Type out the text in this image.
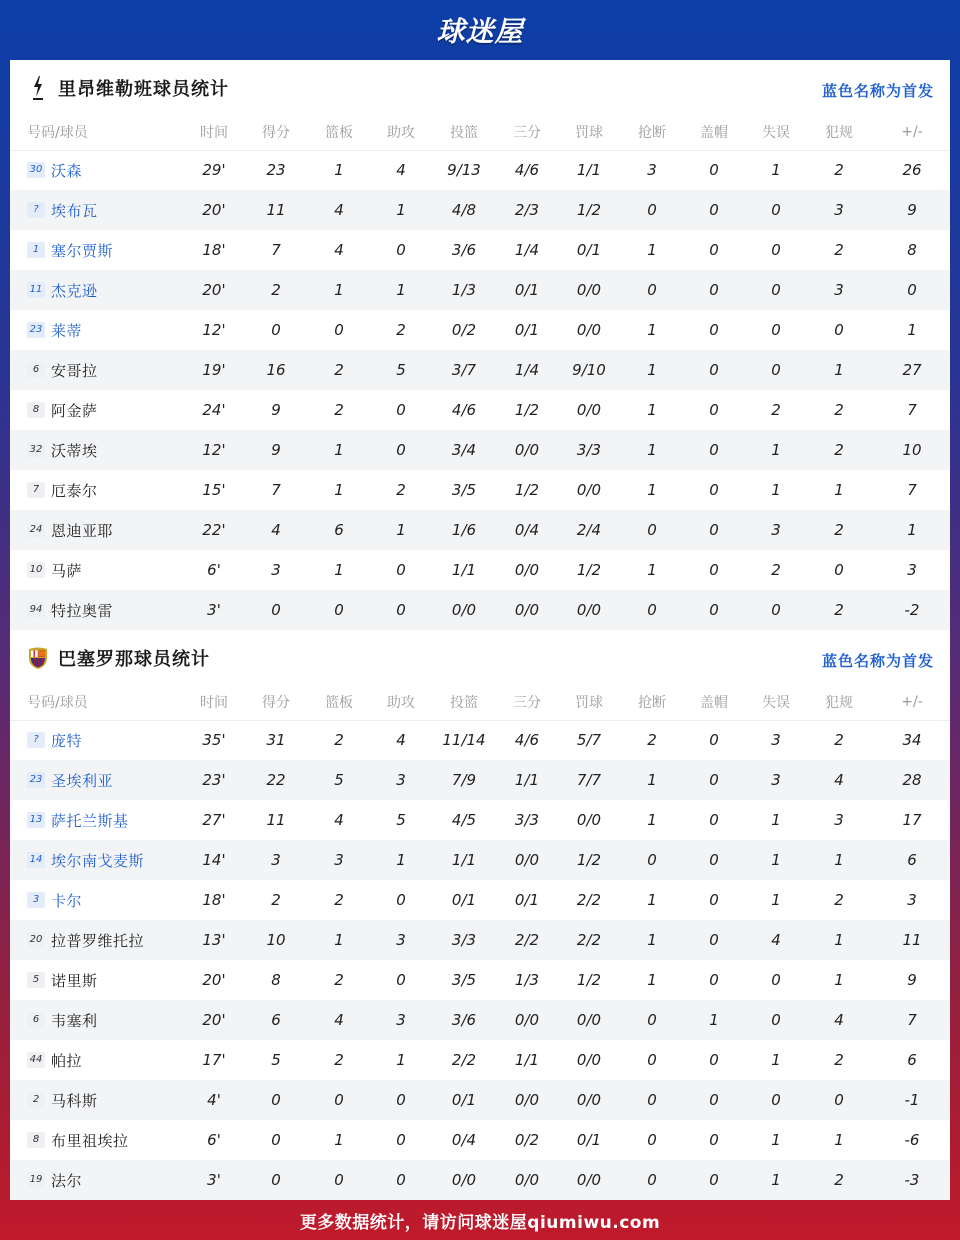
球迷屋
里昂维勒班球员统计	蓝色名称为首发
号码/球员	时间	得分	篮板	助攻	投篮	三分	罚球	抢断	盖帽	失误	犯规	+/-
30 沃森	29'	23	1	4	9/13	4/6	1/1	3	0	1	2	26
? 埃布瓦	20'	11	4	1	4/8	2/3	1/2	0	0	0	3	9
1 塞尔贾斯	18'	7	4	0	3/6	1/4	0/1	1	0	0	2	8
11 杰克逊	20'	2	1	1	1/3	0/1	0/0	0	0	0	3	0
23 莱蒂	12'	0	0	2	0/2	0/1	0/0	1	0	0	0	1
6 安哥拉	19'	16	2	5	3/7	1/4	9/10	1	0	0	1	27
8 阿金萨	24'	9	2	0	4/6	1/2	0/0	1	0	2	2	7
32 沃蒂埃	12'	9	1	0	3/4	0/0	3/3	1	0	1	2	10
7 厄泰尔	15'	7	1	2	3/5	1/2	0/0	1	0	1	1	7
24 恩迪亚耶	22'	4	6	1	1/6	0/4	2/4	0	0	3	2	1
10 马萨	6'	3	1	0	1/1	0/0	1/2	1	0	2	0	3
94 特拉奥雷	3'	0	0	0	0/0	0/0	0/0	0	0	0	2	-2
巴塞罗那球员统计	蓝色名称为首发
号码/球员	时间	得分	篮板	助攻	投篮	三分	罚球	抢断	盖帽	失误	犯规	+/-
? 庞特	35'	31	2	4	11/14	4/6	5/7	2	0	3	2	34
23 圣埃利亚	23'	22	5	3	7/9	1/1	7/7	1	0	3	4	28
13 萨托兰斯基	27'	11	4	5	4/5	3/3	0/0	1	0	1	3	17
14 埃尔南戈麦斯	14'	3	3	1	1/1	0/0	1/2	0	0	1	1	6
3 卡尔	18'	2	2	0	0/1	0/1	2/2	1	0	1	2	3
20 拉普罗维托拉	13'	10	1	3	3/3	2/2	2/2	1	0	4	1	11
5 诺里斯	20'	8	2	0	3/5	1/3	1/2	1	0	0	1	9
6 韦塞利	20'	6	4	3	3/6	0/0	0/0	0	1	0	4	7
44 帕拉	17'	5	2	1	2/2	1/1	0/0	0	0	1	2	6
2 马科斯	4'	0	0	0	0/1	0/0	0/0	0	0	0	0	-1
8 布里祖埃拉	6'	0	1	0	0/4	0/2	0/1	0	0	1	1	-6
19 法尔	3'	0	0	0	0/0	0/0	0/0	0	0	1	2	-3
更多数据统计，请访问球迷屋qiumiwu.com
